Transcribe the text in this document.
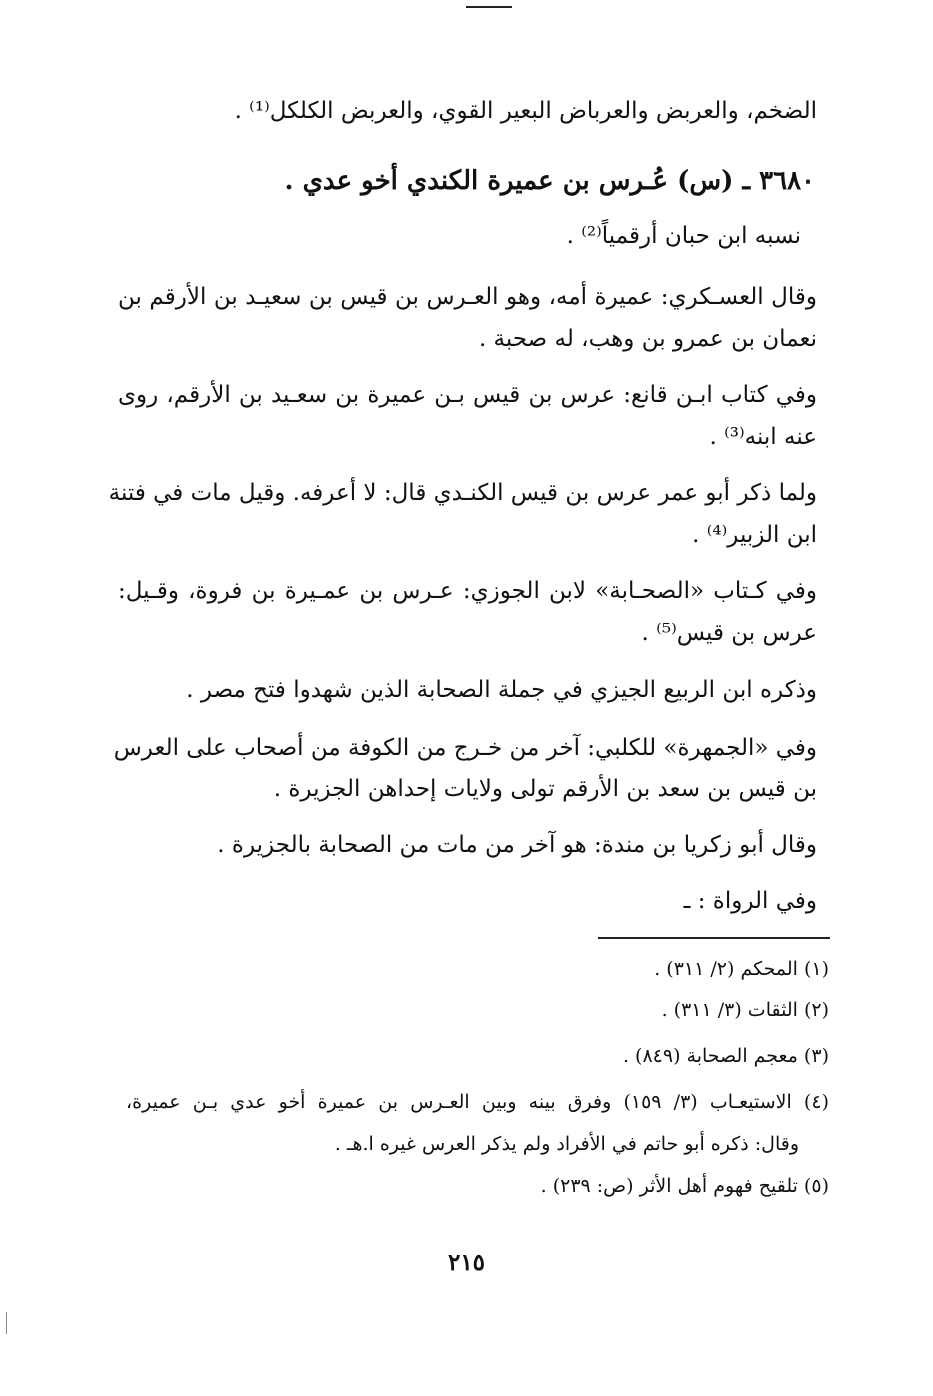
الضخم، والعربض والعرباض البعير القوي، والعربض الكلكل⁽¹⁾ .
٣٦٨٠ ـ (س) عُـرس بن عميرة الكندي أخو عدي .
نسبه ابن حبان أرقمياً⁽²⁾ .
وقال العسـكري: عميرة أمه، وهو العـرس بن قيس بن سعيـد بن الأرقم بن
نعمان بن عمرو بن وهب، له صحبة .
وفي كتاب ابـن قانع: عرس بن قيس بـن عميرة بن سعـيد بن الأرقم، روى
عنه ابنه⁽³⁾ .
ولما ذكر أبو عمر عرس بن قيس الكنـدي قال: لا أعرفه. وقيل مات في فتنة
ابن الزبير⁽⁴⁾ .
وفي كـتاب «الصحـابة» لابن الجوزي: عـرس بن عمـيرة بن فروة، وقـيل:
عرس بن قيس⁽⁵⁾ .
وذكره ابن الربيع الجيزي في جملة الصحابة الذين شهدوا فتح مصر .
وفي «الجمهرة» للكلبي: آخر من خـرج من الكوفة من أصحاب على العرس
بن قيس بن سعد بن الأرقم تولى ولايات إحداهن الجزيرة .
وقال أبو زكريا بن مندة: هو آخر من مات من الصحابة بالجزيرة .
وفي الرواة : ـ
(١) المحكم (٢/ ٣١١) .
(٢) الثقات (٣/ ٣١١) .
(٣) معجم الصحابة (٨٤٩) .
(٤) الاستيعـاب (٣/ ١٥٩) وفرق بينه وبين العـرس بن عميرة أخو عدي بـن عميرة،
وقال: ذكره أبو حاتم في الأفراد ولم يذكر العرس غيره ا.هـ .
(٥) تلقيح فهوم أهل الأثر (ص: ٢٣٩) .
٢١٥
